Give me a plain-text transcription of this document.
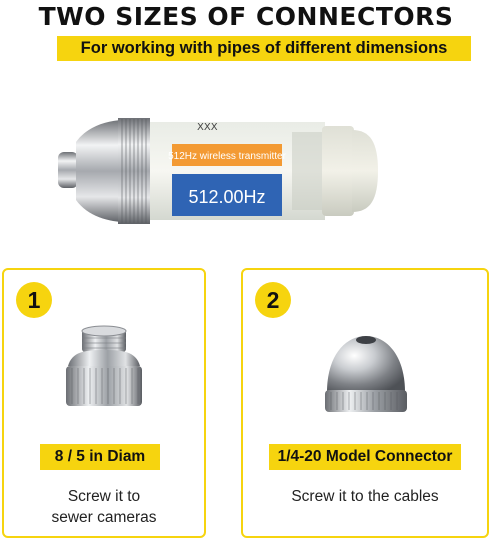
TWO SIZES OF CONNECTORS
For working with pipes of different dimensions
XXX
512Hz wireless transmitter
512.00Hz
1
8 / 5 in Diam
Screw it to
sewer cameras
2
1/4-20 Model Connector
Screw it to the cables
